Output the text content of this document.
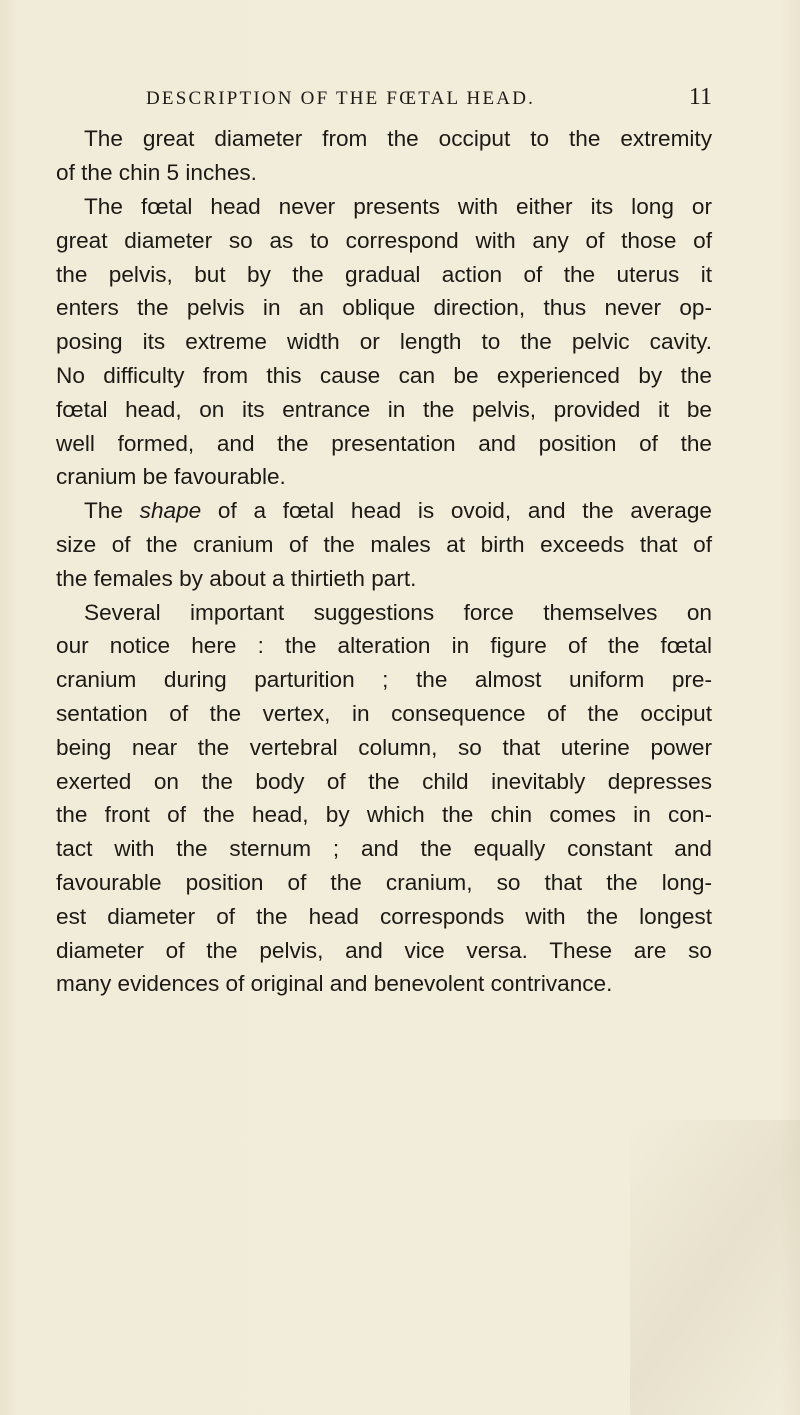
DESCRIPTION OF THE FŒTAL HEAD.	11

The great diameter from the occiput to the extremity
of the chin 5 inches.

The fœtal head never presents with either its long or
great diameter so as to correspond with any of those of
the pelvis, but by the gradual action of the uterus it
enters the pelvis in an oblique direction, thus never op-
posing its extreme width or length to the pelvic cavity.
No difficulty from this cause can be experienced by the
fœtal head, on its entrance in the pelvis, provided it be
well formed, and the presentation and position of the
cranium be favourable.

The shape of a fœtal head is ovoid, and the average
size of the cranium of the males at birth exceeds that of
the females by about a thirtieth part.

Several important suggestions force themselves on
our notice here : the alteration in figure of the fœtal
cranium during parturition ; the almost uniform pre-
sentation of the vertex, in consequence of the occiput
being near the vertebral column, so that uterine power
exerted on the body of the child inevitably depresses
the front of the head, by which the chin comes in con-
tact with the sternum ; and the equally constant and
favourable position of the cranium, so that the long-
est diameter of the head corresponds with the longest
diameter of the pelvis, and vice versa. These are so
many evidences of original and benevolent contrivance.
